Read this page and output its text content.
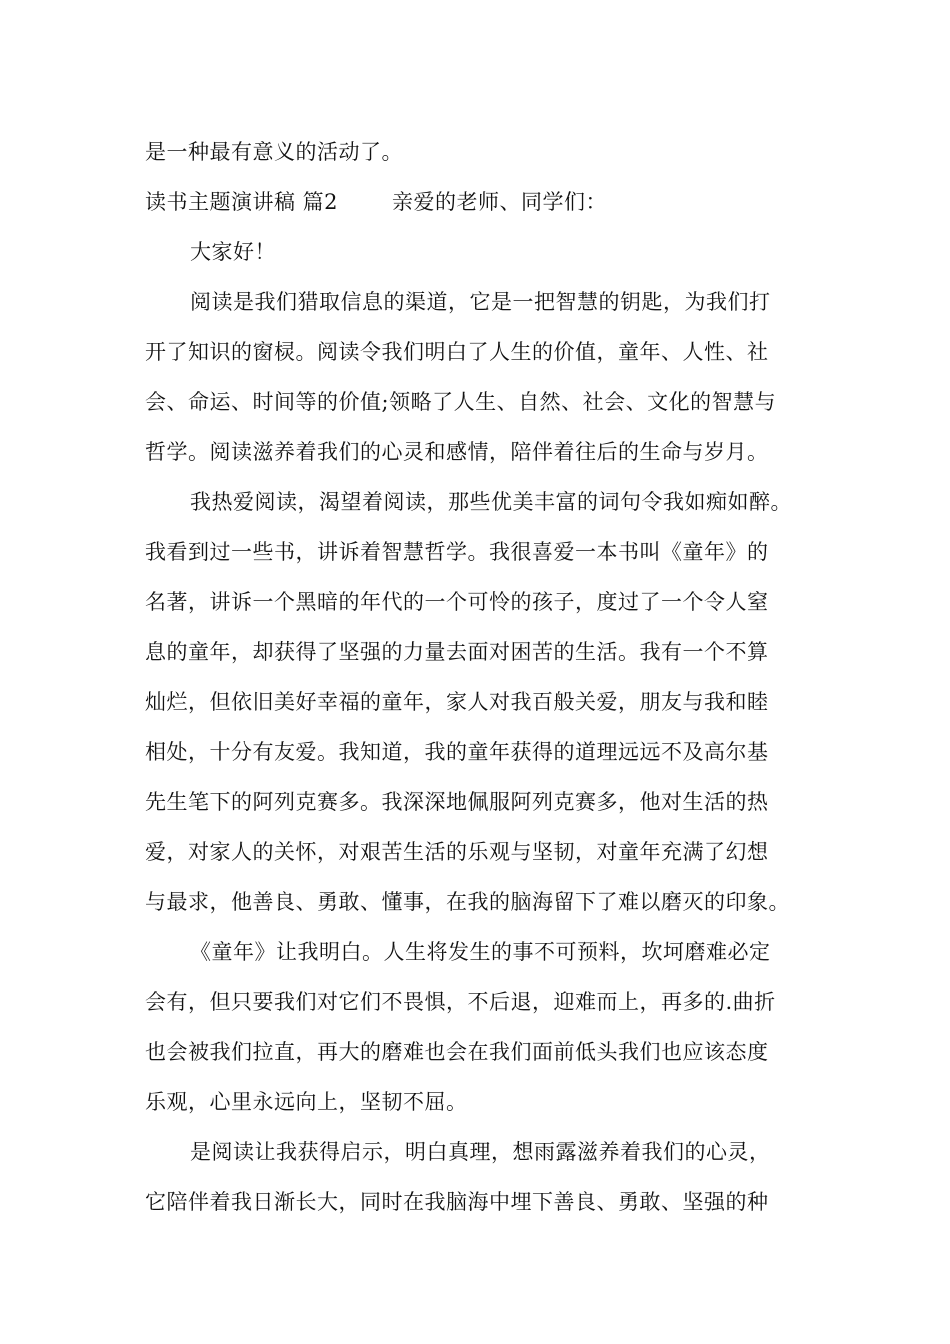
是一种最有意义的活动了。
读书主题演讲稿 篇2	亲爱的老师、同学们：
大家好！
阅读是我们猎取信息的渠道，它是一把智慧的钥匙，为我们打
开了知识的窗棂。阅读令我们明白了人生的价值，童年、人性、社
会、命运、时间等的价值;领略了人生、自然、社会、文化的智慧与
哲学。阅读滋养着我们的心灵和感情，陪伴着往后的生命与岁月。
我热爱阅读，渴望着阅读，那些优美丰富的词句令我如痴如醉。
我看到过一些书，讲诉着智慧哲学。我很喜爱一本书叫《童年》的
名著，讲诉一个黑暗的年代的一个可怜的孩子，度过了一个令人窒
息的童年，却获得了坚强的力量去面对困苦的生活。我有一个不算
灿烂，但依旧美好幸福的童年，家人对我百般关爱，朋友与我和睦
相处，十分有友爱。我知道，我的童年获得的道理远远不及高尔基
先生笔下的阿列克赛多。我深深地佩服阿列克赛多，他对生活的热
爱，对家人的关怀，对艰苦生活的乐观与坚韧，对童年充满了幻想
与最求，他善良、勇敢、懂事，在我的脑海留下了难以磨灭的印象。
《童年》让我明白。人生将发生的事不可预料，坎坷磨难必定
会有，但只要我们对它们不畏惧，不后退，迎难而上，再多的.曲折
也会被我们拉直，再大的磨难也会在我们面前低头我们也应该态度
乐观，心里永远向上，坚韧不屈。
是阅读让我获得启示，明白真理，想雨露滋养着我们的心灵，
它陪伴着我日渐长大，同时在我脑海中埋下善良、勇敢、坚强的种
